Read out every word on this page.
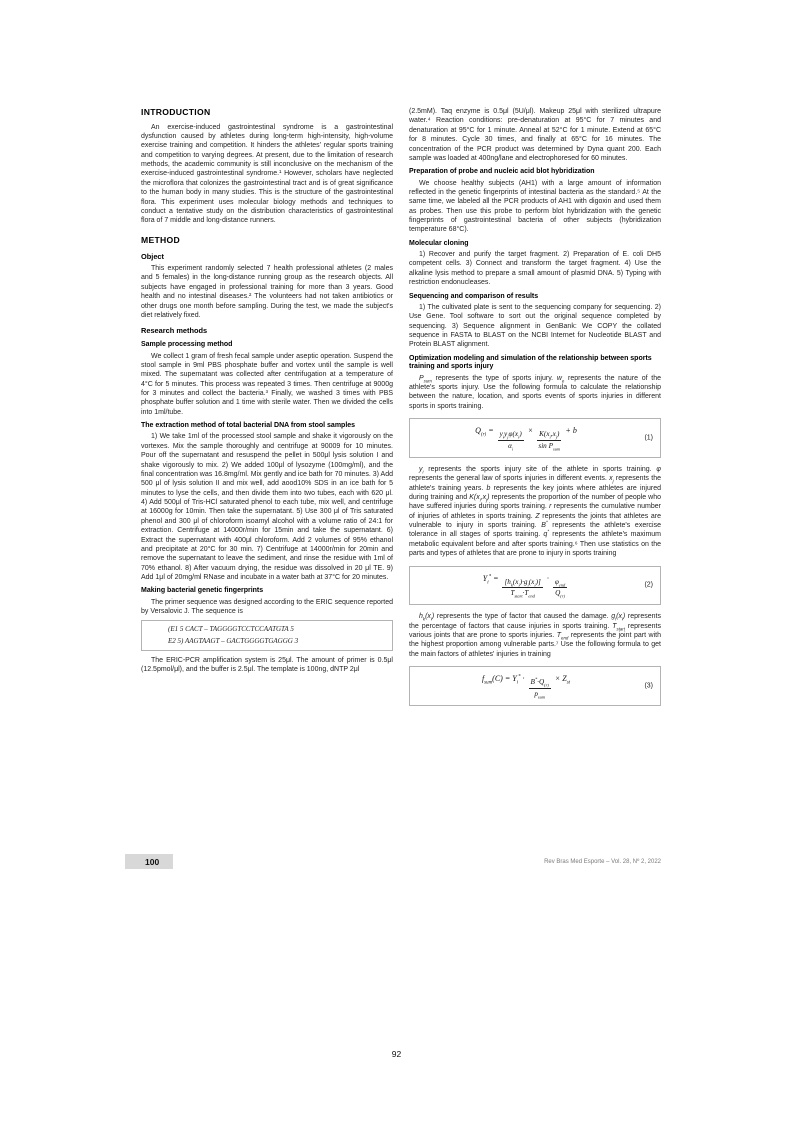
INTRODUCTION

An exercise-induced gastrointestinal syndrome is a gastrointestinal dysfunction caused by athletes during long-term high-intensity, high-volume exercise training and competition. It hinders the athletes' regular sports training and competition to varying degrees. At present, due to the limitation of research methods, the academic community is still inconclusive on the mechanism of the exercise-induced gastrointestinal syndrome.¹ However, scholars have neglected the microflora that colonizes the gastrointestinal tract and is of great significance to the human body in many studies. This is the structure of the gastrointestinal flora. This experiment uses molecular biology methods and techniques to conduct a tentative study on the distribution characteristics of gastrointestinal flora of 7 middle and long-distance runners.

METHOD
Object

This experiment randomly selected 7 health professional athletes (2 males and 5 females) in the long-distance running group as the research objects. All subjects have engaged in professional training for more than 3 years. Good health and no intestinal diseases.² The volunteers had not taken antibiotics or other drugs one month before sampling. During the test, we made the subject's diet relatively fixed.

Research methods
Sample processing method

We collect 1 gram of fresh fecal sample under aseptic operation. Suspend the stool sample in 9ml PBS phosphate buffer and vortex until the sample is well mixed. The supernatant was collected after centrifugation at a temperature of 4°C for 5 minutes. This process was repeated 3 times. Then centrifuge at 9000g for 3 minutes and collect the bacteria.³ Finally, we washed 3 times with PBS phosphate buffer solution and 1 time with sterile water. Then we divided the cells into 1ml/tube.

The extraction method of total bacterial DNA from stool samples

1) We take 1ml of the processed stool sample and shake it vigorously on the vortexes. Mix the sample thoroughly and centrifuge at 90009 for 10 minutes. Pour off the supernatant and resuspend the pellet in 500μl lysis solution I and shake vigorously to mix. 2) We added 100μl of lysozyme (100mg/ml), and the final concentration was 16.8mg/ml. Mix gently and ice bath for 70 minutes. 3) Add 500 μl of lysis solution II and mix well, add aood10% SDS in an ice bath for 5 minutes to lyse the cells, and then divide them into two tubes, each with 620 μl. 4) Add 500μl of Tris-HCl saturated phenol to each tube, mix well, and centrifuge at 16000g for 10min. Then take the supernatant. 5) Use 300 μl of Tris saturated phenol and 300 μl of chloroform isoamyl alcohol with a volume ratio of 24:1 for extraction. Centrifuge at 14000r/min for 15min and take the supernatant. 6) Extract the supernatant with 400μl chloroform. Add 2 volumes of 95% ethanol and precipitate at 20°C for 30 min. 7) Centrifuge at 14000r/min for 20min and remove the supernatant to leave the sediment, and rinse the residue with 1ml of 70% ethanol. 8) After vacuum drying, the residue was dissolved in 20 μl TE. 9) Add 1μl of 20mg/ml RNase and incubate in a water bath at 37°C for 20 minutes.

Making bacterial genetic fingerprints

The primer sequence was designed according to the ERIC sequence reported by Versalovic J. The sequence is

(E1 5 CACT – TAGGGGTCCTCCAATGTA 5
E2 5) AAGTAAGT – GACTGGGGTGAGGG 3

The ERIC-PCR amplification system is 25μl. The amount of primer is 0.5μl (12.5pmol/μl), and the buffer is 2.5μl. The template is 100ng, dNTP 2μl

(2.5mM). Taq enzyme is 0.5μl (5U/μl). Makeup 25μl with sterilized ultrapure water.⁴ Reaction conditions: pre-denaturation at 95°C for 7 minutes and denaturation at 95°C for 1 minute. Anneal at 52°C for 1 minute. Extend at 65°C for 8 minutes. Cycle 30 times, and finally at 65°C for 16 minutes. The concentration of the PCR product was determined by Dyna quant 200. Each sample was loaded at 400ng/lane and electrophoresed for 60 minutes.

Preparation of probe and nucleic acid blot hybridization

We choose healthy subjects (AH1) with a large amount of information reflected in the genetic fingerprints of intestinal bacteria as the standard.⁵ At the same time, we labeled all the PCR products of AH1 with digoxin and used them as probes. Then use this probe to perform blot hybridization with the genetic fingerprints of gastrointestinal bacteria of other subjects (hybridization temperature 68°C).

Molecular cloning

1) Recover and purify the target fragment. 2) Preparation of E. coli DH5 competent cells. 3) Connect and transform the target fragment. 4) Use the alkaline lysis method to prepare a small amount of plasmid DNA. 5) Typing with restriction endonucleases.

Sequencing and comparison of results

1) The cultivated plate is sent to the sequencing company for sequencing. 2) Use Gene. Tool software to sort out the original sequence completed by sequencing. 3) Sequence alignment in GenBank: We COPY the collated sequence in FASTA to BLAST on the NCBI Internet for Nucleotide BLAST and Protein BLAST alignment.

Optimization modeling and simulation of the relationship between sports training and sports injury

$P_{sum}$ represents the type of sports injury. $w_e$ represents the nature of the athlete's sports injury. Use the following formula to calculate the relationship between the nature, location, and sports events of sports injuries in different sports in sports training.

$Q_{(r)} = \frac{y_iy_j\varphi(x_i)}{\alpha_i} \times \frac{K(x_i,x_j)}{\sin P_{sum}} + b$
(1)

$y_i$ represents the sports injury site of the athlete in sports training. φ represents the general law of sports injuries in different events. $x_j$ represents the athlete's training years. b represents the key joints where athletes are injured during training and $K(x_i,x_j)$ represents the proportion of the number of people who have suffered injuries during sports training. r represents the cumulative number of injuries of athletes in sports training. Z represents the joints that athletes are vulnerable to injury in sports training. B* represents the athlete's exercise tolerance in all stages of sports training. q* represents the athlete's maximum metabolic equivalent before and after sports training.⁶ Then use statistics on the parts and types of athletes that are prone to injury in sports training

$Y_i^* = \frac{[h_k(x_i)\cdot g_i(x_i)]}{T_{start}\cdot T_{end}} \cdot \frac{\varphi_{end}}{Q_{(r)}}$	(2)

$h_k(x_i)$ represents the type of factor that caused the damage. $g_i(x_i)$ represents the percentage of factors that cause injuries in sports training. $T_{start}$ represents various joints that are prone to sports injuries. $T_{end}$ represents the joint part with the highest proportion among vulnerable parts.⁷ Use the following formula to get the main factors of athletes' injuries in training

$f_{sum}(C) = Y_i^* \cdot \frac{B^*\cdot Q_{(r)}}{p_{sum}} \times Z_{st}$	(3)
100	Rev Bras Med Esporte – Vol. 28, Nº 2, 2022
92
